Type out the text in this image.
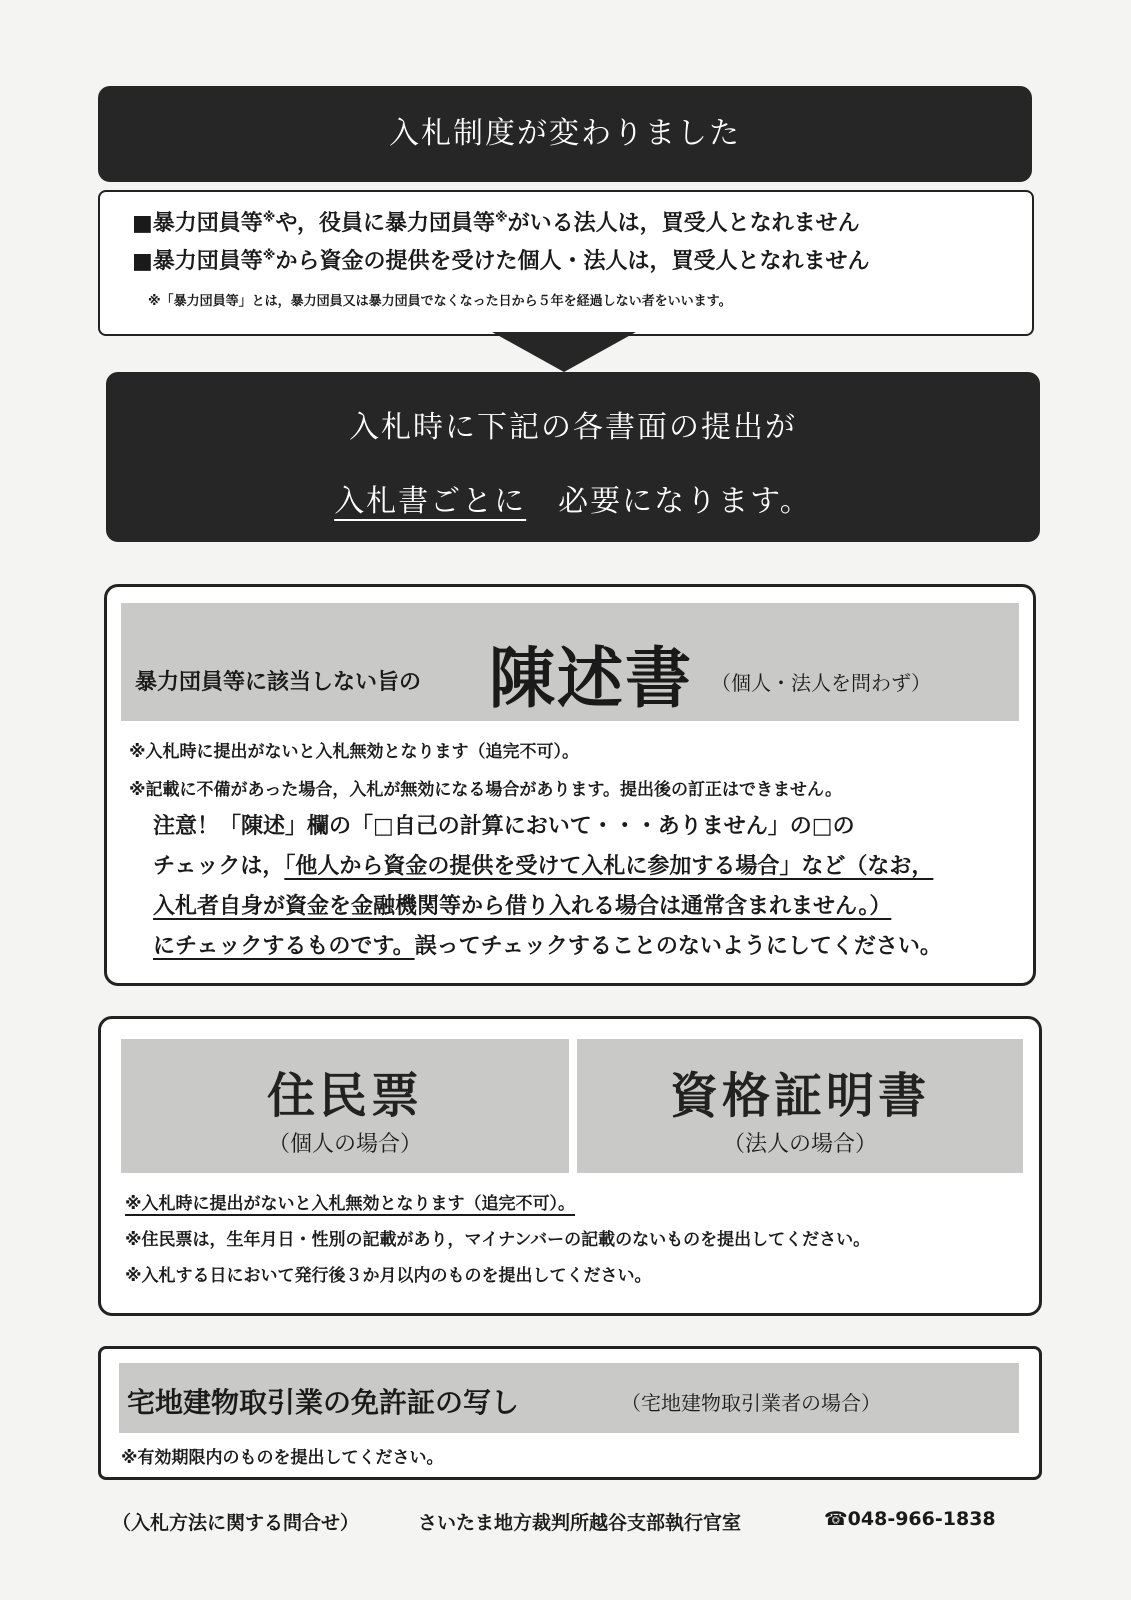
入札制度が変わりました
■暴力団員等※や，役員に暴力団員等※がいる法人は，買受人となれません
■暴力団員等※から資金の提供を受けた個人・法人は，買受人となれません
※「暴力団員等」とは，暴力団員又は暴力団員でなくなった日から５年を経過しない者をいいます。
入札時に下記の各書面の提出が
入札書ごとに　必要になります。
暴力団員等に該当しない旨の 陳述書 （個人・法人を問わず）
※入札時に提出がないと入札無効となります（追完不可）。
※記載に不備があった場合，入札が無効になる場合があります。提出後の訂正はできません。
注意！「陳述」欄の「□自己の計算において・・・ありません」の□の
チェックは，「他人から資金の提供を受けて入札に参加する場合」など（なお，
入札者自身が資金を金融機関等から借り入れる場合は通常含まれません。）
にチェックするものです。誤ってチェックすることのないようにしてください。
住民票
（個人の場合）
資格証明書
（法人の場合）
※入札時に提出がないと入札無効となります（追完不可）。
※住民票は，生年月日・性別の記載があり，マイナンバーの記載のないものを提出してください。
※入札する日において発行後３か月以内のものを提出してください。
宅地建物取引業の免許証の写し	（宅地建物取引業者の場合）
※有効期限内のものを提出してください。
（入札方法に関する問合せ）	さいたま地方裁判所越谷支部執行官室	☎048-966-1838
